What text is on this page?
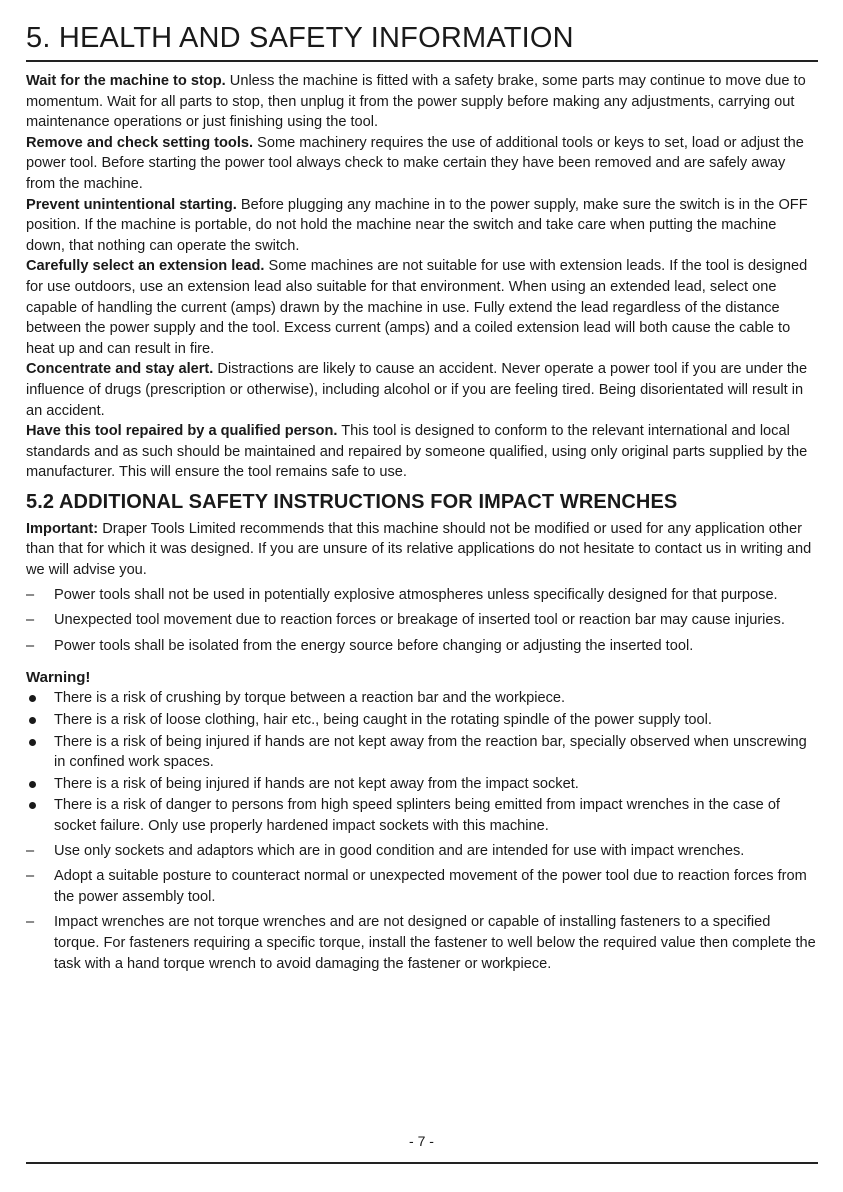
5. HEALTH AND SAFETY INFORMATION

Wait for the machine to stop. Unless the machine is fitted with a safety brake, some parts may continue to move due to momentum. Wait for all parts to stop, then unplug it from the power supply before making any adjustments, carrying out maintenance operations or just finishing using the tool.

Remove and check setting tools. Some machinery requires the use of additional tools or keys to set, load or adjust the power tool. Before starting the power tool always check to make certain they have been removed and are safely away from the machine.

Prevent unintentional starting. Before plugging any machine in to the power supply, make sure the switch is in the OFF position. If the machine is portable, do not hold the machine near the switch and take care when putting the machine down, that nothing can operate the switch.

Carefully select an extension lead. Some machines are not suitable for use with extension leads. If the tool is designed for use outdoors, use an extension lead also suitable for that environment. When using an extended lead, select one capable of handling the current (amps) drawn by the machine in use. Fully extend the lead regardless of the distance between the power supply and the tool. Excess current (amps) and a coiled extension lead will both cause the cable to heat up and can result in fire.

Concentrate and stay alert. Distractions are likely to cause an accident. Never operate a power tool if you are under the influence of drugs (prescription or otherwise), including alcohol or if you are feeling tired. Being disorientated will result in an accident.

Have this tool repaired by a qualified person. This tool is designed to conform to the relevant international and local standards and as such should be maintained and repaired by someone qualified, using only original parts supplied by the manufacturer. This will ensure the tool remains safe to use.

5.2 ADDITIONAL SAFETY INSTRUCTIONS FOR IMPACT WRENCHES

Important: Draper Tools Limited recommends that this machine should not be modified or used for any application other than that for which it was designed. If you are unsure of its relative applications do not hesitate to contact us in writing and we will advise you.

–	Power tools shall not be used in potentially explosive atmospheres unless specifically designed for that purpose.
–	Unexpected tool movement due to reaction forces or breakage of inserted tool or reaction bar may cause injuries.
–	Power tools shall be isolated from the energy source before changing or adjusting the inserted tool.
Warning!
There is a risk of crushing by torque between a reaction bar and the workpiece.
There is a risk of loose clothing, hair etc., being caught in the rotating spindle of the power supply tool.
There is a risk of being injured if hands are not kept away from the reaction bar, specially observed when unscrewing in confined work spaces.
There is a risk of being injured if hands are not kept away from the impact socket.
There is a risk of danger to persons from high speed splinters being emitted from impact wrenches in the case of socket failure. Only use properly hardened impact sockets with this machine.
–	Use only sockets and adaptors which are in good condition and are intended for use with impact wrenches.
–	Adopt a suitable posture to counteract normal or unexpected movement of the power tool due to reaction forces from the power assembly tool.
–	Impact wrenches are not torque wrenches and are not designed or capable of installing fasteners to a specified torque. For fasteners requiring a specific torque, install the fastener to well below the required value then complete the task with a hand torque wrench to avoid damaging the fastener or workpiece.
- 7 -
